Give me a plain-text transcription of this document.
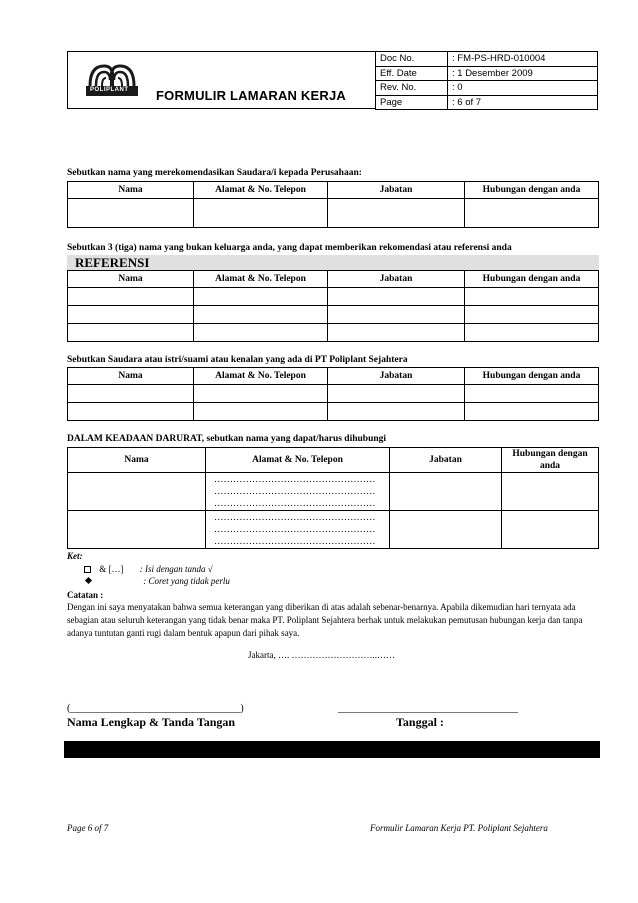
POLIPLANT FORMULIR LAMARAN KERJA
Doc No.	: FM-PS-HRD-010004
Eff. Date	: 1 Desember 2009
Rev. No.	: 0
Page	: 6 of 7
Sebutkan nama yang merekomendasikan Saudara/i kepada Perusahaan:
Nama	Alamat & No. Telepon	Jabatan	Hubungan dengan anda

Sebutkan 3 (tiga) nama yang bukan keluarga anda, yang dapat memberikan rekomendasi atau referensi anda
REFERENSI
Nama	Alamat & No. Telepon	Jabatan	Hubungan dengan anda

Sebutkan Saudara atau istri/suami atau kenalan yang ada di PT Poliplant Sejahtera
Nama	Alamat & No. Telepon	Jabatan	Hubungan dengan anda

DALAM KEADAAN DARURAT, sebutkan nama yang dapat/harus dihubungi
Nama	Alamat & No. Telepon	Jabatan	Hubungan dengan anda

	……………………………………………
……………………………………………
……………………………………………		

	……………………………………………
……………………………………………
……………………………………………		

Ket:
& […] : Isi dengan tanda √
: Coret yang tidak perlu
Catatan :
Dengan ini saya menyatakan bahwa semua keterangan yang diberikan di atas adalah sebenar-benarnya. Apabila dikemudian hari ternyata ada sebagian atau seluruh keterangan yang tidak benar maka PT. Poliplant Sejahtera berhak untuk melakukan pemutusan hubungan kerja dan tanpa adanya tuntutan ganti rugi dalam bentuk apapun dari pihak saya.
Jakarta, …. ………………………..……
(__________________________________)	____________________________________
Nama Lengkap & Tanda Tangan	Tanggal :
Page 6 of 7	Formulir Lamaran Kerja PT. Poliplant Sejahtera
